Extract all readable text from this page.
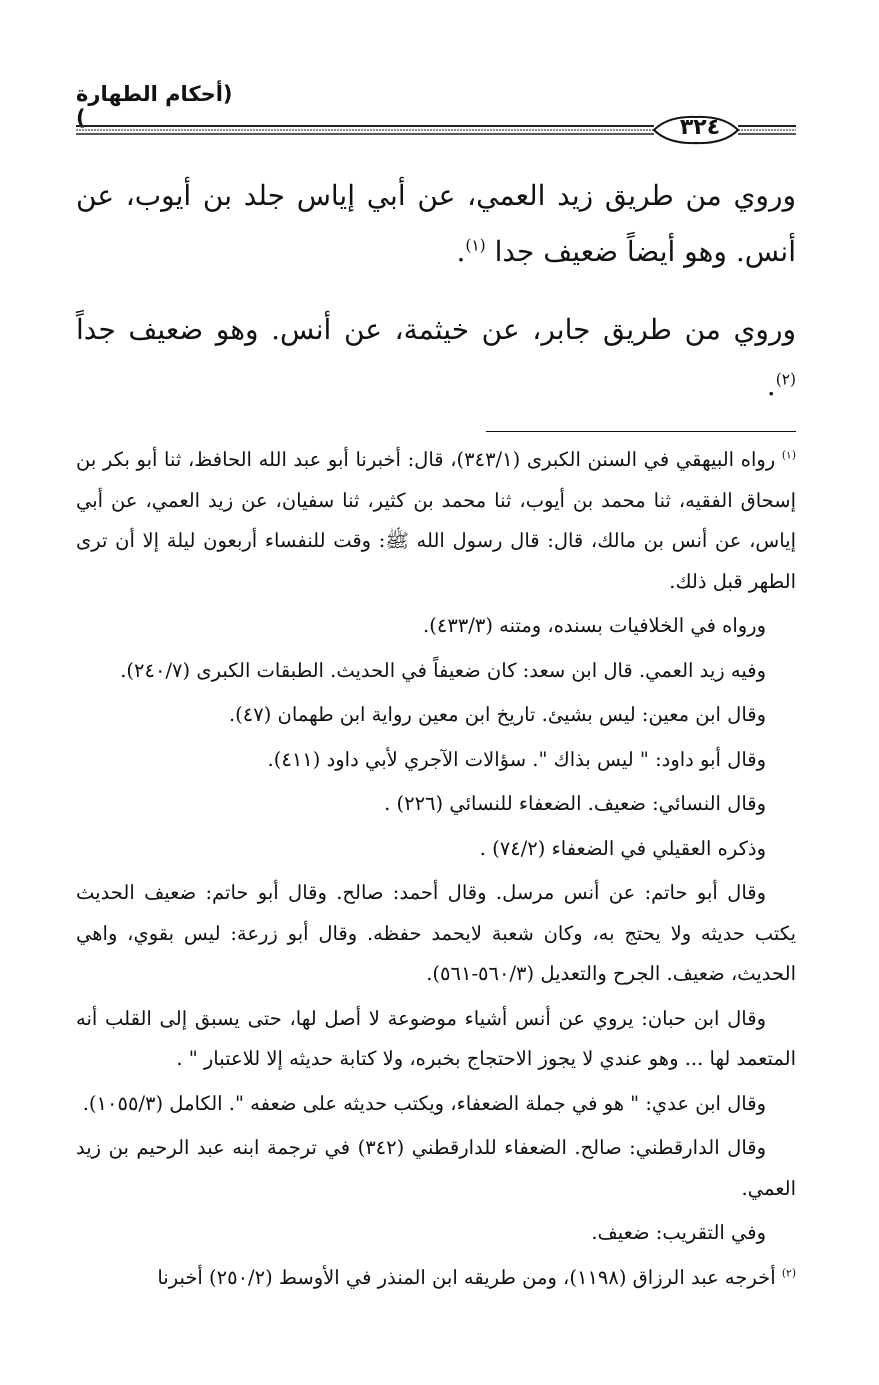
(أحكام الطهارة )	٣٢٤

وروي من طريق زيد العمي، عن أبي إياس جلد بن أيوب، عن أنس. وهو أيضاً ضعيف جدا $^{(١)}$.

وروي من طريق جابر، عن خيثمة، عن أنس. وهو ضعيف جداً $^{(٢)}$.

$^{(١)}$ رواه البيهقي في السنن الكبرى (٣٤٣/١)، قال: أخبرنا أبو عبد الله الحافظ، ثنا أبو بكر بن إسحاق الفقيه، ثنا محمد بن أيوب، ثنا محمد بن كثير، ثنا سفيان، عن زيد العمي، عن أبي إياس، عن أنس بن مالك، قال: قال رسول الله ﷺ: وقت للنفساء أربعون ليلة إلا أن ترى الطهر قبل ذلك.

ورواه في الخلافيات بسنده، ومتنه (٤٣٣/٣).

وفيه زيد العمي. قال ابن سعد: كان ضعيفاً في الحديث. الطبقات الكبرى (٢٤٠/٧).

وقال ابن معين: ليس بشيئ. تاريخ ابن معين رواية ابن طهمان (٤٧).

وقال أبو داود: " ليس بذاك ". سؤالات الآجري لأبي داود (٤١١).

وقال النسائي: ضعيف. الضعفاء للنسائي (٢٢٦) .

وذكره العقيلي في الضعفاء (٧٤/٢) .

وقال أبو حاتم: عن أنس مرسل. وقال أحمد: صالح. وقال أبو حاتم: ضعيف الحديث يكتب حديثه ولا يحتج به، وكان شعبة لايحمد حفظه. وقال أبو زرعة: ليس بقوي، واهي الحديث، ضعيف. الجرح والتعديل (٥٦٠/٣-٥٦١).

وقال ابن حبان: يروي عن أنس أشياء موضوعة لا أصل لها، حتى يسبق إلى القلب أنه المتعمد لها ... وهو عندي لا يجوز الاحتجاج بخبره، ولا كتابة حديثه إلا للاعتبار " .

وقال ابن عدي: " هو في جملة الضعفاء، ويكتب حديثه على ضعفه ". الكامل (١٠٥٥/٣).

وقال الدارقطني: صالح. الضعفاء للدارقطني (٣٤٢) في ترجمة ابنه عبد الرحيم بن زيد العمي.

وفي التقريب: ضعيف.

$^{(٢)}$ أخرجه عبد الرزاق (١١٩٨)، ومن طريقه ابن المنذر في الأوسط (٢٥٠/٢) أخبرنا
